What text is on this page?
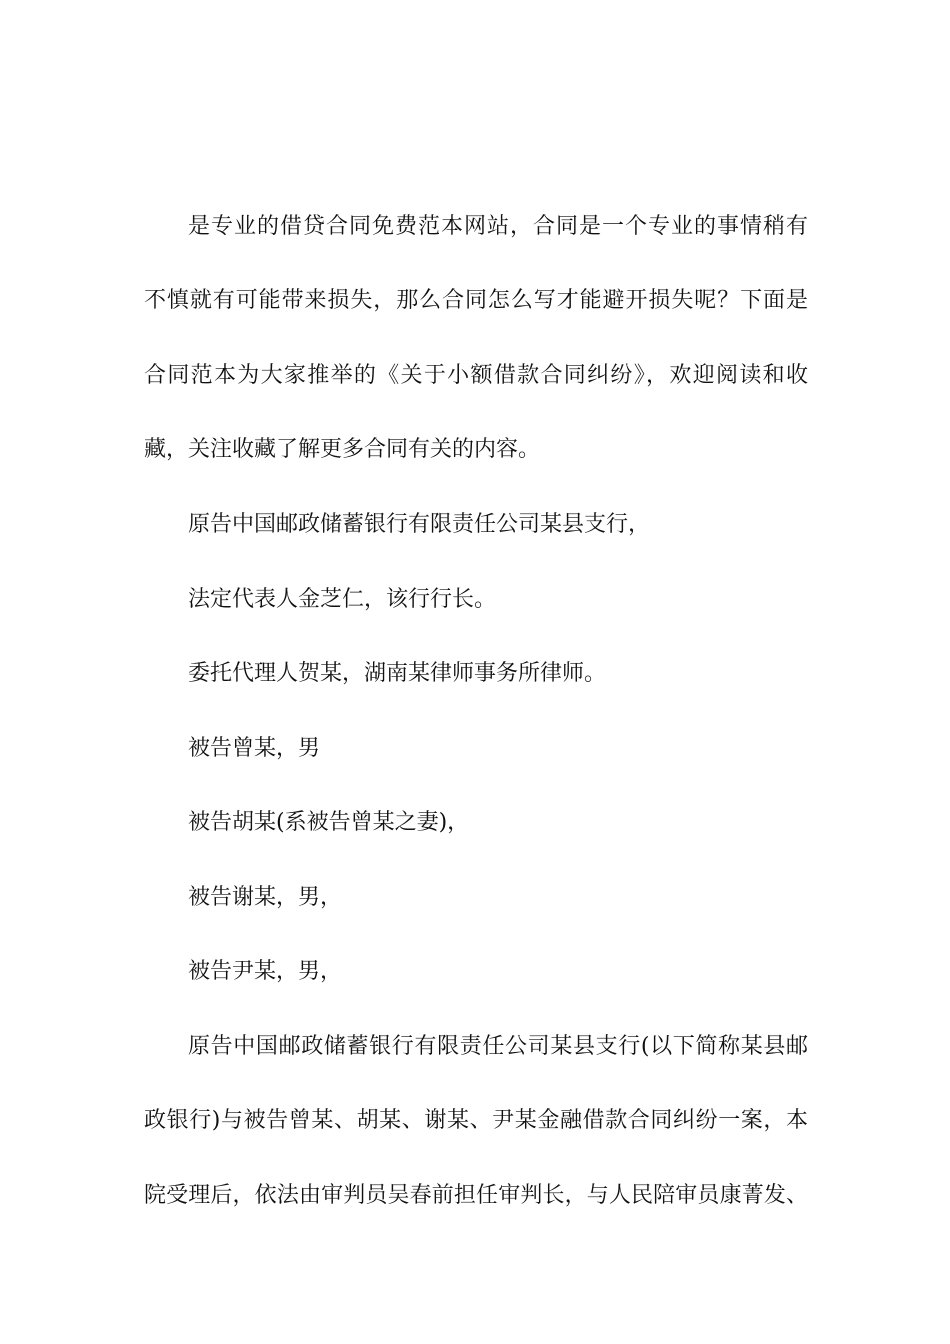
是专业的借贷合同免费范本网站，合同是一个专业的事情稍有
不慎就有可能带来损失，那么合同怎么写才能避开损失呢？下面是
合同范本为大家推举的《关于小额借款合同纠纷》，欢迎阅读和收
藏，关注收藏了解更多合同有关的内容。
原告中国邮政储蓄银行有限责任公司某县支行，
法定代表人金芝仁，该行行长。
委托代理人贺某，湖南某律师事务所律师。
被告曾某，男
被告胡某(系被告曾某之妻)，
被告谢某，男，
被告尹某，男，
原告中国邮政储蓄银行有限责任公司某县支行(以下简称某县邮
政银行)与被告曾某、胡某、谢某、尹某金融借款合同纠纷一案，本
院受理后，依法由审判员吴春前担任审判长，与人民陪审员康菁发、
